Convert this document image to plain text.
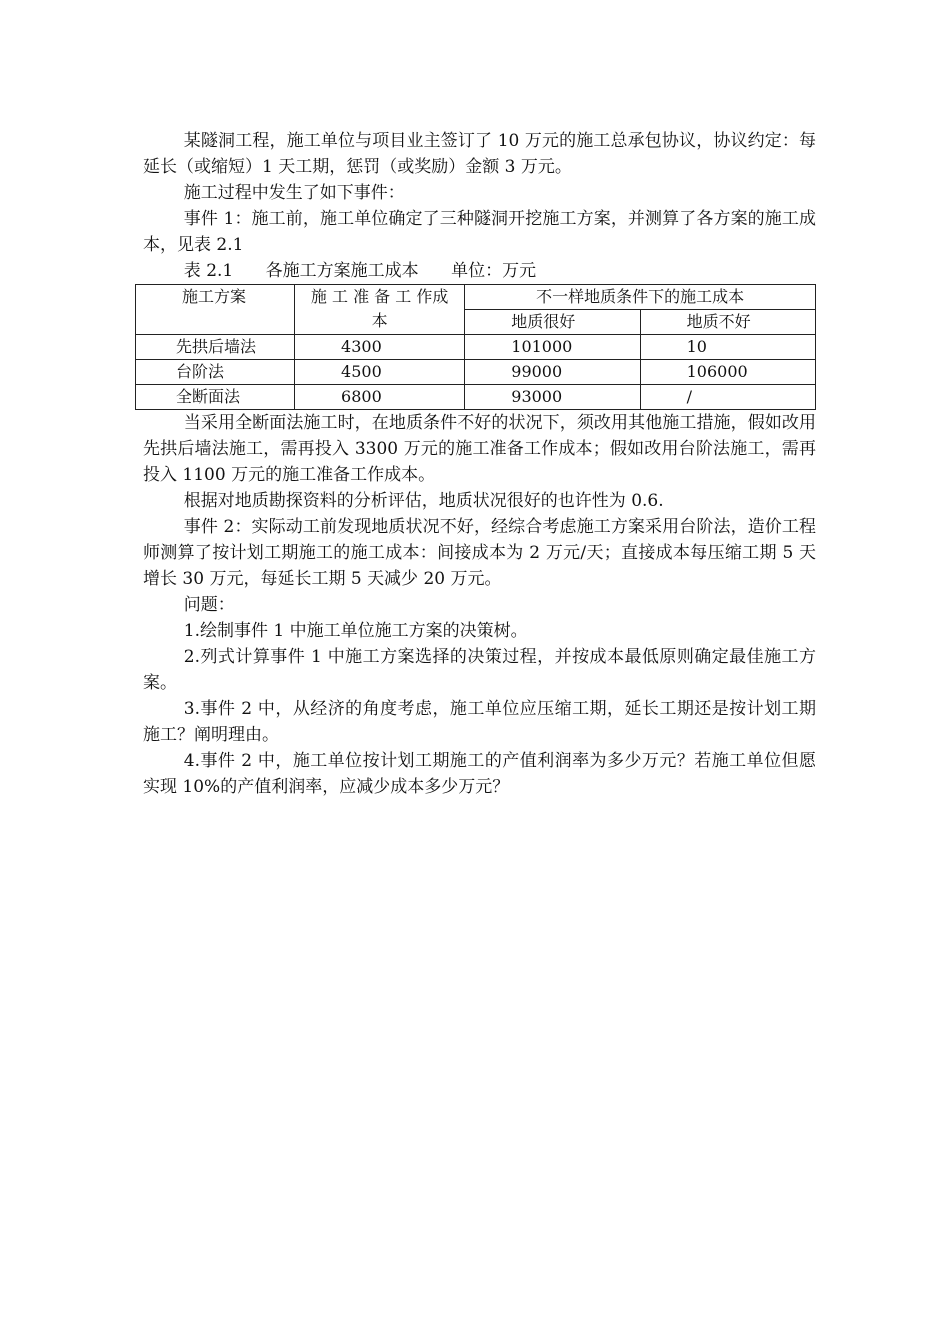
某隧洞工程，施工单位与项目业主签订了 10 万元的施工总承包协议，协议约定：每延长（或缩短）1 天工期，惩罚（或奖励）金额 3 万元。

施工过程中发生了如下事件：

事件 1：施工前，施工单位确定了三种隧洞开挖施工方案，并测算了各方案的施工成本，见表 2.1

表 2.1      各施工方案施工成本      单位：万元
施工方案	施 工 准 备 工 作成本	不一样地质条件下的施工成本	
		地质很好	地质不好
先拱后墙法	4300	101000	10
台阶法	4500	99000	106000
全断面法	6800	93000	/

当采用全断面法施工时，在地质条件不好的状况下，须改用其他施工措施，假如改用先拱后墙法施工，需再投入 3300 万元的施工准备工作成本；假如改用台阶法施工，需再投入 1100 万元的施工准备工作成本。

根据对地质勘探资料的分析评估，地质状况很好的也许性为 0.6.

事件 2：实际动工前发现地质状况不好，经综合考虑施工方案采用台阶法，造价工程师测算了按计划工期施工的施工成本：间接成本为 2 万元/天；直接成本每压缩工期 5 天增长 30 万元，每延长工期 5 天减少 20 万元。

问题：

1.绘制事件 1 中施工单位施工方案的决策树。

2.列式计算事件 1 中施工方案选择的决策过程，并按成本最低原则确定最佳施工方案。

3.事件 2 中，从经济的角度考虑，施工单位应压缩工期，延长工期还是按计划工期施工？阐明理由。

4.事件 2 中，施工单位按计划工期施工的产值利润率为多少万元？若施工单位但愿实现 10%的产值利润率，应减少成本多少万元？
